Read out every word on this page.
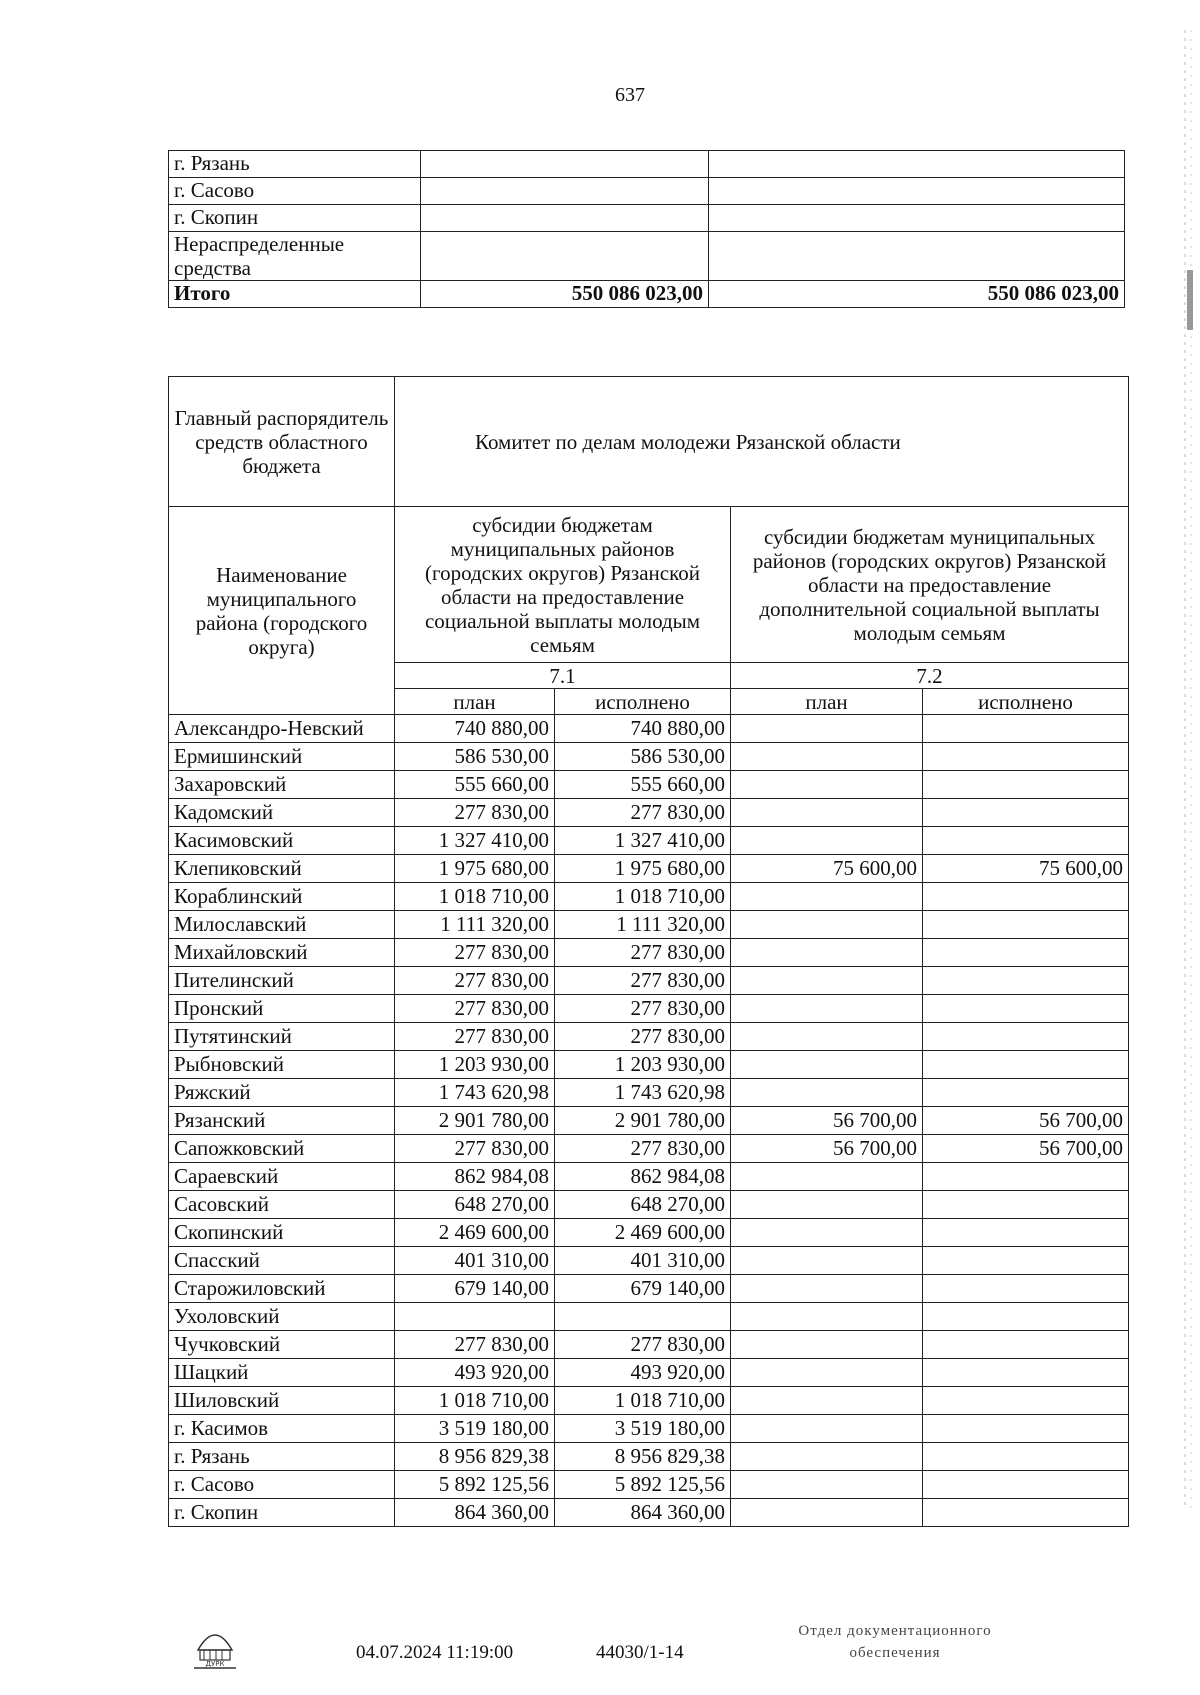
637
г. Рязань		
г. Сасово		
г. Скопин		
Нераспределенные средства		
Итого	550 086 023,00	550 086 023,00
Главный распорядитель средств областного бюджета	Комитет по делам молодежи Рязанской области			
Наименование муниципального района (городского округа)	субсидии бюджетам муниципальных районов (городских округов) Рязанской области на предоставление социальной выплаты молодым семьям		субсидии бюджетам муниципальных районов (городских округов) Рязанской области на предоставление дополнительной социальной выплаты молодым семьям	
	7.1		7.2	
	план	исполнено	план	исполнено
Александро-Невский	740 880,00	740 880,00		
Ермишинский	586 530,00	586 530,00		
Захаровский	555 660,00	555 660,00		
Кадомский	277 830,00	277 830,00		
Касимовский	1 327 410,00	1 327 410,00		
Клепиковский	1 975 680,00	1 975 680,00	75 600,00	75 600,00
Кораблинский	1 018 710,00	1 018 710,00		
Милославский	1 111 320,00	1 111 320,00		
Михайловский	277 830,00	277 830,00		
Пителинский	277 830,00	277 830,00		
Пронский	277 830,00	277 830,00		
Путятинский	277 830,00	277 830,00		
Рыбновский	1 203 930,00	1 203 930,00		
Ряжский	1 743 620,98	1 743 620,98		
Рязанский	2 901 780,00	2 901 780,00	56 700,00	56 700,00
Сапожковский	277 830,00	277 830,00	56 700,00	56 700,00
Сараевский	862 984,08	862 984,08		
Сасовский	648 270,00	648 270,00		
Скопинский	2 469 600,00	2 469 600,00		
Спасский	401 310,00	401 310,00		
Старожиловский	679 140,00	679 140,00		
Ухоловский				
Чучковский	277 830,00	277 830,00		
Шацкий	493 920,00	493 920,00		
Шиловский	1 018 710,00	1 018 710,00		
г. Касимов	3 519 180,00	3 519 180,00		
г. Рязань	8 956 829,38	8 956 829,38		
г. Сасово	5 892 125,56	5 892 125,56		
г. Скопин	864 360,00	864 360,00		
ДУРК
04.07.2024 11:19:00	44030/1-14
Отдел документационного
обеспечения
